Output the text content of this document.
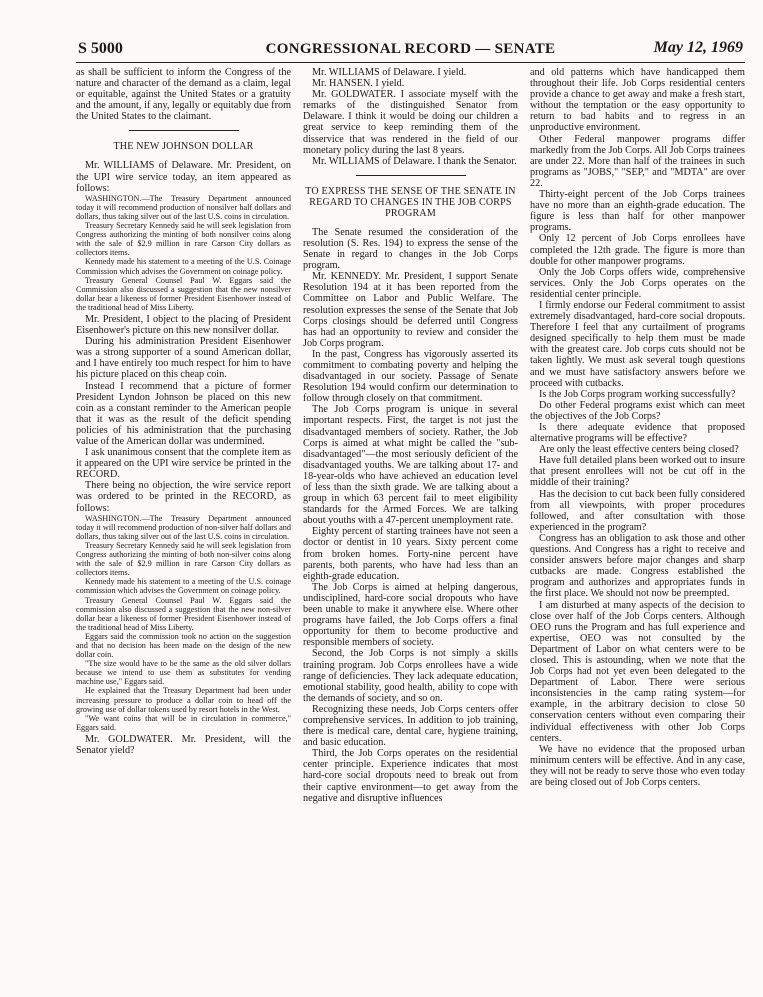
S 5000	CONGRESSIONAL RECORD — SENATE	May 12, 1969

as shall be sufficient to inform the Congress of the nature and character of the demand as a claim, legal or equitable, against the United States or a gratuity and the amount, if any, legally or equitably due from the United States to the claimant.

THE NEW JOHNSON DOLLAR

Mr. WILLIAMS of Delaware. Mr. President, on the UPI wire service today, an item appeared as follows:

WASHINGTON.—The Treasury Department announced today it will recommend production of nonsilver half dollars and dollars, thus taking silver out of the last U.S. coins in circulation.

Treasury Secretary Kennedy said he will seek legislation from Congress authorizing the minting of both nonsilver coins along with the sale of $2.9 million in rare Carson City dollars as collectors items.

Kennedy made his statement to a meeting of the U.S. Coinage Commission which advises the Government on coinage policy.

Treasury General Counsel Paul W. Eggars said the Commission also discussed a suggestion that the new nonsilver dollar bear a likeness of former President Eisenhower instead of the traditional head of Miss Liberty.

Mr. President, I object to the placing of President Eisenhower's picture on this new nonsilver dollar.

During his administration President Eisenhower was a strong supporter of a sound American dollar, and I have entirely too much respect for him to have his picture placed on this cheap coin.

Instead I recommend that a picture of former President Lyndon Johnson be placed on this new coin as a constant reminder to the American people that it was as the result of the deficit spending policies of his administration that the purchasing value of the American dollar was undermined.

I ask unanimous consent that the complete item as it appeared on the UPI wire service be printed in the RECORD.

There being no objection, the wire service report was ordered to be printed in the RECORD, as follows:

WASHINGTON.—The Treasury Department announced today it will recommend production of non-silver half dollars and dollars, thus taking silver out of the last U.S. coins in circulation.

Treasury Secretary Kennedy said he will seek legislation from Congress authorizing the minting of both non-silver coins along with the sale of $2.9 million in rare Carson City dollars as collectors items.

Kennedy made his statement to a meeting of the U.S. coinage commission which advises the Government on coinage policy.

Treasury General Counsel Paul W. Eggars said the commission also discussed a suggestion that the new non-silver dollar bear a likeness of former President Eisenhower instead of the traditional head of Miss Liberty.

Eggars said the commission took no action on the suggestion and that no decision has been made on the design of the new dollar coin.

"The size would have to be the same as the old silver dollars because we intend to use them as substitutes for vending machine use," Eggars said.

He explained that the Treasury Department had been under increasing pressure to produce a dollar coin to head off the growing use of dollar tokens used by resort hotels in the West.

"We want coins that will be in circulation in commerce," Eggars said.

Mr. GOLDWATER. Mr. President, will the Senator yield?

Mr. WILLIAMS of Delaware. I yield.

Mr. HANSEN. I yield.

Mr. GOLDWATER. I associate myself with the remarks of the distinguished Senator from Delaware. I think it would be doing our children a great service to keep reminding them of the disservice that was rendered in the field of our monetary policy during the last 8 years.

Mr. WILLIAMS of Delaware. I thank the Senator.

TO EXPRESS THE SENSE OF THE SENATE IN REGARD TO CHANGES IN THE JOB CORPS PROGRAM

The Senate resumed the consideration of the resolution (S. Res. 194) to express the sense of the Senate in regard to changes in the Job Corps program.

Mr. KENNEDY. Mr. President, I support Senate Resolution 194 at it has been reported from the Committee on Labor and Public Welfare. The resolution expresses the sense of the Senate that Job Corps closings should be deferred until Congress has had an opportunity to review and consider the Job Corps program.

In the past, Congress has vigorously asserted its commitment to combating poverty and helping the disadvantaged in our society. Passage of Senate Resolution 194 would confirm our determination to follow through closely on that commitment.

The Job Corps program is unique in several important respects. First, the target is not just the disadvantaged members of society. Rather, the Job Corps is aimed at what might be called the "sub-disadvantaged"—the most seriously deficient of the disadvantaged youths. We are talking about 17- and 18-year-olds who have achieved an education level of less than the sixth grade. We are talking about a group in which 63 percent fail to meet eligibility standards for the Armed Forces. We are talking about youths with a 47-percent unemployment rate.

Eighty percent of starting trainees have not seen a doctor or dentist in 10 years. Sixty percent come from broken homes. Forty-nine percent have parents, both parents, who have had less than an eighth-grade education.

The Job Corps is aimed at helping dangerous, undisciplined, hard-core social dropouts who have been unable to make it anywhere else. Where other programs have failed, the Job Corps offers a final opportunity for them to become productive and responsible members of society.

Second, the Job Corps is not simply a skills training program. Job Corps enrollees have a wide range of deficiencies. They lack adequate education, emotional stability, good health, ability to cope with the demands of society, and so on.

Recognizing these needs, Job Corps centers offer comprehensive services. In addition to job training, there is medical care, dental care, hygiene training, and basic education.

Third, the Job Corps operates on the residential center principle. Experience indicates that most hard-core social dropouts need to break out from their captive environment—to get away from the negative and disruptive influences

and old patterns which have handicapped them throughout their life. Job Corps residential centers provide a chance to get away and make a fresh start, without the temptation or the easy opportunity to return to bad habits and to regress in an unproductive environment.

Other Federal manpower programs differ markedly from the Job Corps. All Job Corps trainees are under 22. More than half of the trainees in such programs as "JOBS," "SEP," and "MDTA" are over 22.

Thirty-eight percent of the Job Corps trainees have no more than an eighth-grade education. The figure is less than half for other manpower programs.

Only 12 percent of Job Corps enrollees have completed the 12th grade. The figure is more than double for other manpower programs.

Only the Job Corps offers wide, comprehensive services. Only the Job Corps operates on the residential center principle.

I firmly endorse our Federal commitment to assist extremely disadvantaged, hard-core social dropouts. Therefore I feel that any curtailment of programs designed specifically to help them must be made with the greatest care. Job corps cuts should not be taken lightly. We must ask several tough questions and we must have satisfactory answers before we proceed with cutbacks.

Is the Job Corps program working successfully?

Do other Federal programs exist which can meet the objectives of the Job Corps?

Is there adequate evidence that proposed alternative programs will be effective?

Are only the least effective centers being closed?

Have full detailed plans been worked out to insure that present enrollees will not be cut off in the middle of their training?

Has the decision to cut back been fully considered from all viewpoints, with proper procedures followed, and after consultation with those experienced in the program?

Congress has an obligation to ask those and other questions. And Congress has a right to receive and consider answers before major changes and sharp cutbacks are made. Congress established the program and authorizes and appropriates funds in the first place. We should not now be preempted.

I am disturbed at many aspects of the decision to close over half of the Job Corps centers. Although OEO runs the Program and has full experience and expertise, OEO was not consulted by the Department of Labor on what centers were to be closed. This is astounding, when we note that the Job Corps had not yet even been delegated to the Department of Labor. There were serious inconsistencies in the camp rating system—for example, in the arbitrary decision to close 50 conservation centers without even comparing their individual effectiveness with other Job Corps centers.

We have no evidence that the proposed urban minimum centers will be effective. And in any case, they will not be ready to serve those who even today are being closed out of Job Corps centers.
